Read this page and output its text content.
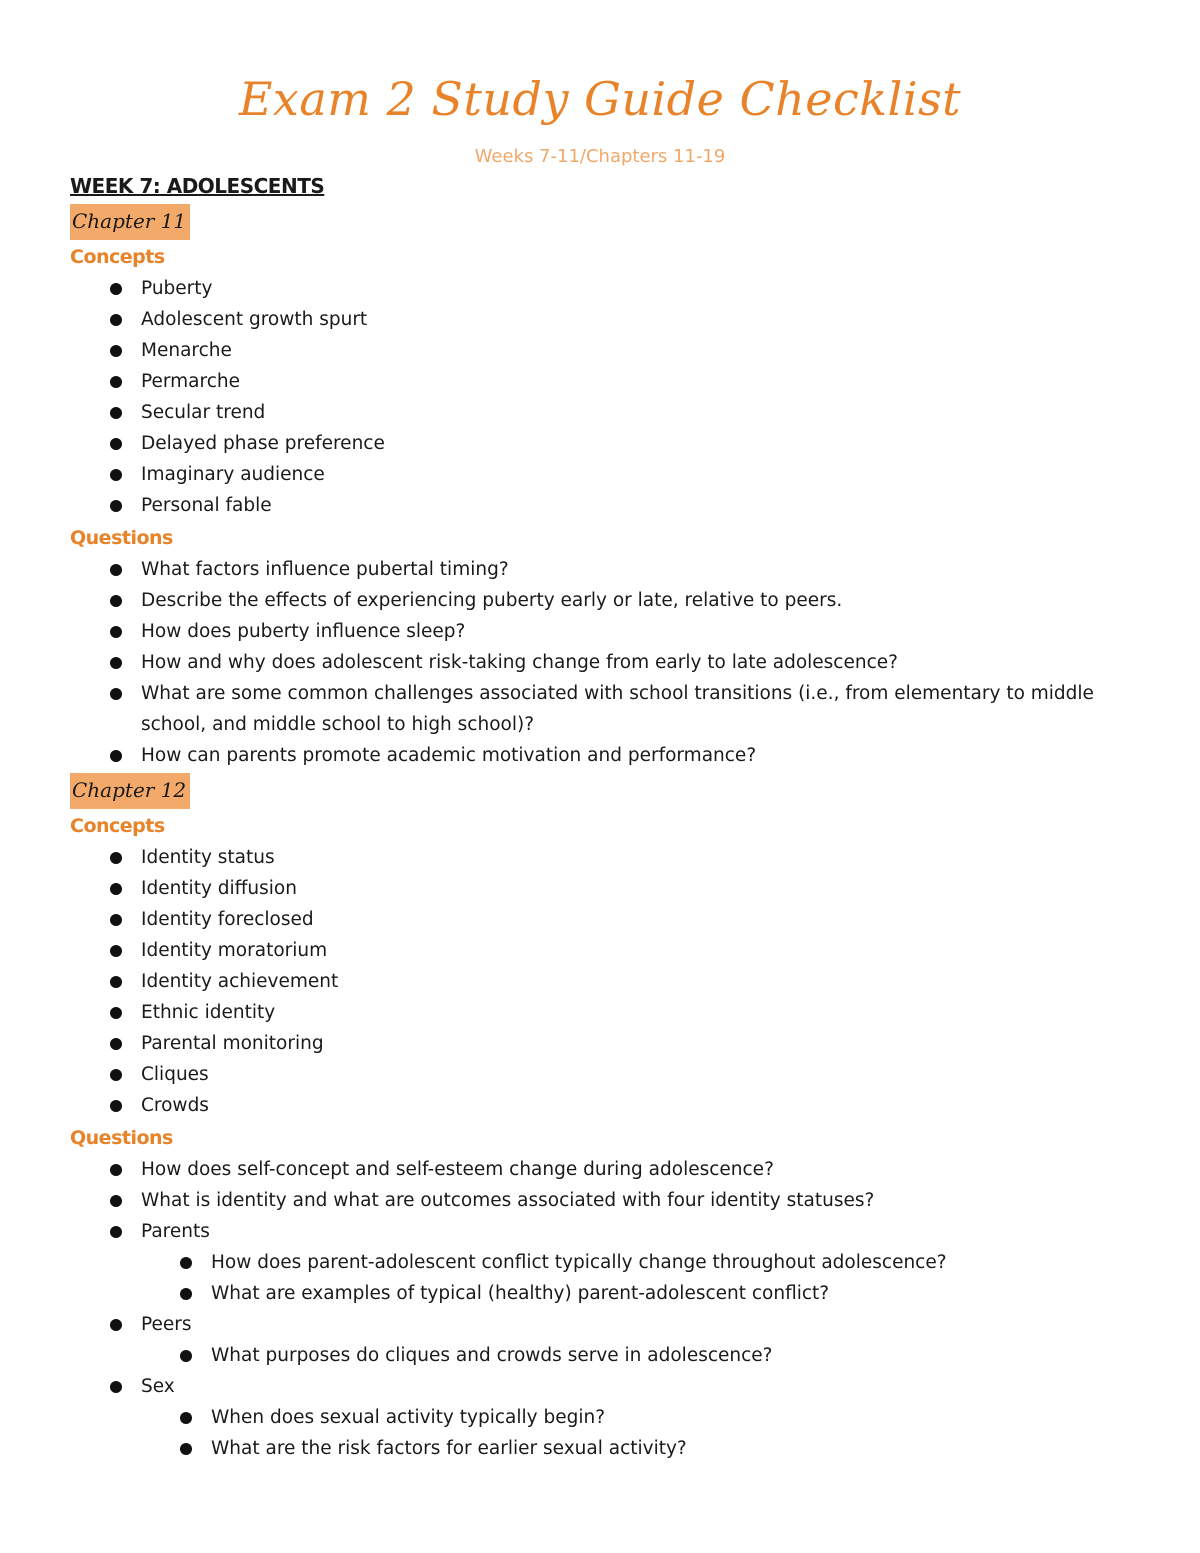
Exam 2 Study Guide Checklist
Weeks 7-11/Chapters 11-19
WEEK 7: ADOLESCENTS
Chapter 11
Concepts
Puberty
Adolescent growth spurt
Menarche
Permarche
Secular trend
Delayed phase preference
Imaginary audience
Personal fable
Questions
What factors influence pubertal timing?
Describe the effects of experiencing puberty early or late, relative to peers.
How does puberty influence sleep?
How and why does adolescent risk-taking change from early to late adolescence?
What are some common challenges associated with school transitions (i.e., from elementary to middle school, and middle school to high school)?
How can parents promote academic motivation and performance?
Chapter 12
Concepts
Identity status
Identity diffusion
Identity foreclosed
Identity moratorium
Identity achievement
Ethnic identity
Parental monitoring
Cliques
Crowds
Questions
How does self-concept and self-esteem change during adolescence?
What is identity and what are outcomes associated with four identity statuses?
Parents
How does parent-adolescent conflict typically change throughout adolescence?
What are examples of typical (healthy) parent-adolescent conflict?
Peers
What purposes do cliques and crowds serve in adolescence?
Sex
When does sexual activity typically begin?
What are the risk factors for earlier sexual activity?
